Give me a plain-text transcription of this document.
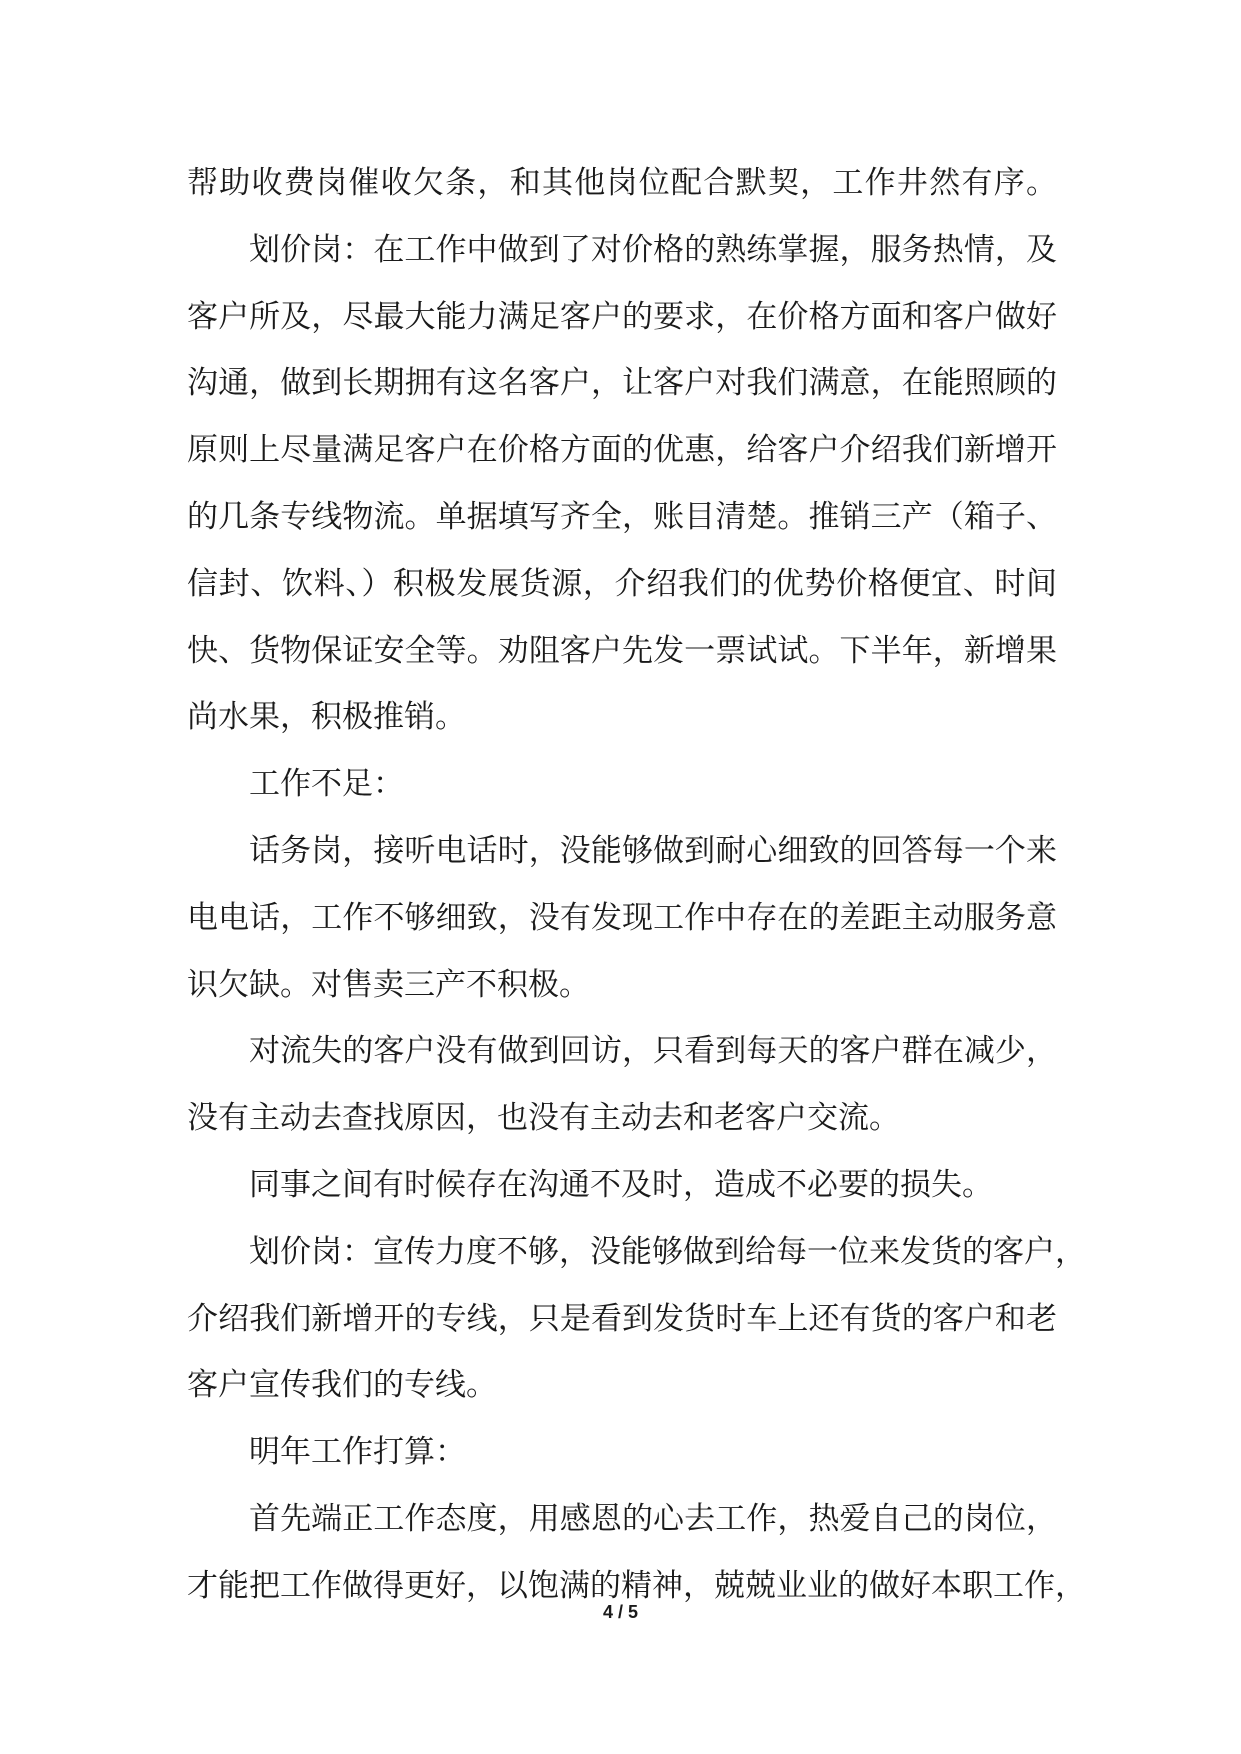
帮助收费岗催收欠条，和其他岗位配合默契，工作井然有序。
划价岗：在工作中做到了对价格的熟练掌握，服务热情，及
客户所及，尽最大能力满足客户的要求，在价格方面和客户做好
沟通，做到长期拥有这名客户，让客户对我们满意，在能照顾的
原则上尽量满足客户在价格方面的优惠，给客户介绍我们新增开
的几条专线物流。单据填写齐全，账目清楚。推销三产（箱子、
信封、饮料、）积极发展货源，介绍我们的优势价格便宜、时间
快、货物保证安全等。劝阻客户先发一票试试。下半年，新增果
尚水果，积极推销。
工作不足：
话务岗，接听电话时，没能够做到耐心细致的回答每一个来
电电话，工作不够细致，没有发现工作中存在的差距主动服务意
识欠缺。对售卖三产不积极。
对流失的客户没有做到回访，只看到每天的客户群在减少，
没有主动去查找原因，也没有主动去和老客户交流。
同事之间有时候存在沟通不及时，造成不必要的损失。
划价岗：宣传力度不够，没能够做到给每一位来发货的客户，
介绍我们新增开的专线，只是看到发货时车上还有货的客户和老
客户宣传我们的专线。
明年工作打算：
首先端正工作态度，用感恩的心去工作，热爱自己的岗位，
才能把工作做得更好，以饱满的精神，兢兢业业的做好本职工作，
4 / 5
